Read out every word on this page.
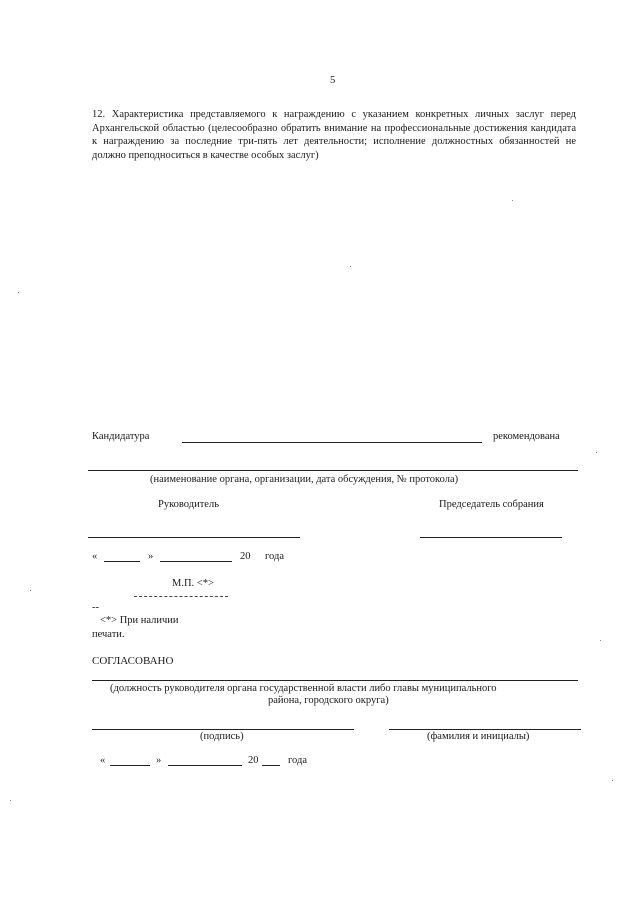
5
12. Характеристика представляемого к награждению с указанием конкретных личных заслуг перед Архангельской областью (целесообразно обратить внимание на профессиональные достижения кандидата к награждению за последние три-пять лет деятельности; исполнение должностных обязанностей не должно преподноситься в качестве особых заслуг)
Кандидатура	рекомендована
(наименование органа, организации, дата обсуждения, № протокола)
Руководитель	Председатель собрания
«	»	20 года
М.П. <*>
--
<*> При наличии
печати.
СОГЛАСОВАНО
(должность руководителя органа государственной власти либо главы муниципального
района, городского округа)
(подпись)	(фамилия и инициалы)
«	»	20	года
